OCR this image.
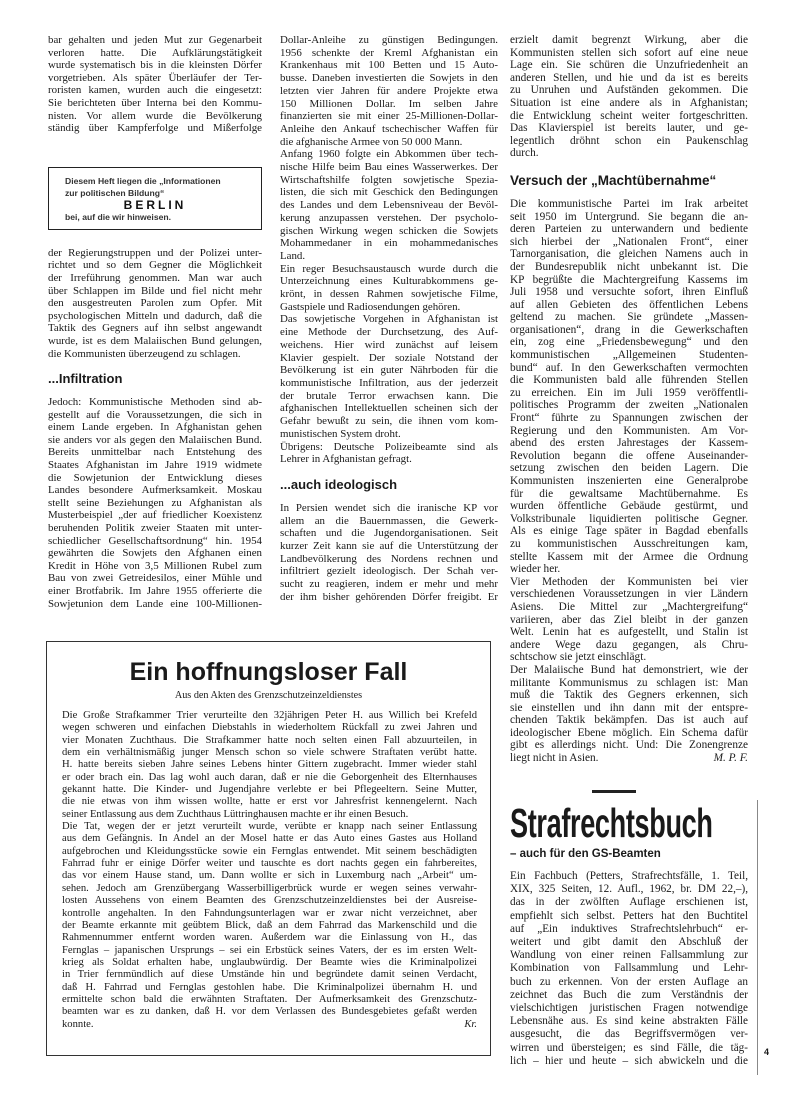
bar gehalten und jeden Mut zur Gegenarbeit
verloren hatte. Die Aufklärungstätigkeit
wurde systematisch bis in die kleinsten Dörfer
vorgetrieben. Als später Überläufer der Ter-
roristen kamen, wurden auch die eingesetzt:
Sie berichteten über Interna bei den Kommu-
nisten. Vor allem wurde die Bevölkerung
ständig über Kampferfolge und Mißerfolge
Diesem Heft liegen die „Informationen
zur politischen Bildung“
BERLIN
bei, auf die wir hinweisen.
der Regierungstruppen und der Polizei unter-
richtet und so dem Gegner die Möglichkeit
der Irreführung genommen. Man war auch
über Schlappen im Bilde und fiel nicht mehr
den ausgestreuten Parolen zum Opfer. Mit
psychologischen Mitteln und dadurch, daß die
Taktik des Gegners auf ihn selbst angewandt
wurde, ist es dem Malaiischen Bund gelungen,
die Kommunisten überzeugend zu schlagen.
...Infiltration
Jedoch: Kommunistische Methoden sind ab-
gestellt auf die Voraussetzungen, die sich in
einem Lande ergeben. In Afghanistan gehen
sie anders vor als gegen den Malaiischen Bund.
Bereits unmittelbar nach Entstehung des
Staates Afghanistan im Jahre 1919 widmete
die Sowjetunion der Entwicklung dieses
Landes besondere Aufmerksamkeit. Moskau
stellt seine Beziehungen zu Afghanistan als
Musterbeispiel „der auf friedlicher Koexistenz
beruhenden Politik zweier Staaten mit unter-
schiedlicher Gesellschaftsordnung“ hin. 1954
gewährten die Sowjets den Afghanen einen
Kredit in Höhe von 3,5 Millionen Rubel zum
Bau von zwei Getreidesilos, einer Mühle und
einer Brotfabrik. Im Jahre 1955 offerierte die
Sowjetunion dem Lande eine 100-Millionen-
Dollar-Anleihe zu günstigen Bedingungen.
1956 schenkte der Kreml Afghanistan ein
Krankenhaus mit 100 Betten und 15 Auto-
busse. Daneben investierten die Sowjets in den
letzten vier Jahren für andere Projekte etwa
150 Millionen Dollar. Im selben Jahre
finanzierten sie mit einer 25-Millionen-Dollar-
Anleihe den Ankauf tschechischer Waffen für
die afghanische Armee von 50 000 Mann.
Anfang 1960 folgte ein Abkommen über tech-
nische Hilfe beim Bau eines Wasserwerkes. Der
Wirtschaftshilfe folgten sowjetische Spezia-
listen, die sich mit Geschick den Bedingungen
des Landes und dem Lebensniveau der Bevöl-
kerung anzupassen verstehen. Der psycholo-
gischen Wirkung wegen schicken die Sowjets
Mohammedaner in ein mohammedanisches
Land.
Ein reger Besuchsaustausch wurde durch die
Unterzeichnung eines Kulturabkommens ge-
krönt, in dessen Rahmen sowjetische Filme,
Gastspiele und Radiosendungen gehören.
Das sowjetische Vorgehen in Afghanistan ist
eine Methode der Durchsetzung, des Auf-
weichens. Hier wird zunächst auf leisem
Klavier gespielt. Der soziale Notstand der
Bevölkerung ist ein guter Nährboden für die
kommunistische Infiltration, aus der jederzeit
der brutale Terror erwachsen kann. Die
afghanischen Intellektuellen scheinen sich der
Gefahr bewußt zu sein, die ihnen vom kom-
munistischen System droht.
Übrigens: Deutsche Polizeibeamte sind als
Lehrer in Afghanistan gefragt.
...auch ideologisch
In Persien wendet sich die iranische KP vor
allem an die Bauernmassen, die Gewerk-
schaften und die Jugendorganisationen. Seit
kurzer Zeit kann sie auf die Unterstützung der
Landbevölkerung des Nordens rechnen und
infiltriert gezielt ideologisch. Der Schah ver-
sucht zu reagieren, indem er mehr und mehr
der ihm bisher gehörenden Dörfer freigibt. Er
erzielt damit begrenzt Wirkung, aber die
Kommunisten stellen sich sofort auf eine neue
Lage ein. Sie schüren die Unzufriedenheit an
anderen Stellen, und hie und da ist es bereits
zu Unruhen und Aufständen gekommen. Die
Situation ist eine andere als in Afghanistan;
die Entwicklung scheint weiter fortgeschritten.
Das Klavierspiel ist bereits lauter, und ge-
legentlich dröhnt schon ein Paukenschlag
durch.
Versuch der „Machtübernahme“
Die kommunistische Partei im Irak arbeitet
seit 1950 im Untergrund. Sie begann die an-
deren Parteien zu unterwandern und bediente
sich hierbei der „Nationalen Front“, einer
Tarnorganisation, die gleichen Namens auch in
der Bundesrepublik nicht unbekannt ist. Die
KP begrüßte die Machtergreifung Kassems im
Juli 1958 und versuchte sofort, ihren Einfluß
auf allen Gebieten des öffentlichen Lebens
geltend zu machen. Sie gründete „Massen-
organisationen“, drang in die Gewerkschaften
ein, zog eine „Friedensbewegung“ und den
kommunistischen „Allgemeinen Studenten-
bund“ auf. In den Gewerkschaften vermochten
die Kommunisten bald alle führenden Stellen
zu erreichen. Ein im Juli 1959 veröffentli-
politisches Programm der zweiten „Nationalen
Front“ führte zu Spannungen zwischen der
Regierung und den Kommunisten. Am Vor-
abend des ersten Jahrestages der Kassem-
Revolution begann die offene Auseinander-
setzung zwischen den beiden Lagern. Die
Kommunisten inszenierten eine Generalprobe
für die gewaltsame Machtübernahme. Es
wurden öffentliche Gebäude gestürmt, und
Volkstribunale liquidierten politische Gegner.
Als es einige Tage später in Bagdad ebenfalls
zu kommunistischen Ausschreitungen kam,
stellte Kassem mit der Armee die Ordnung
wieder her.
Vier Methoden der Kommunisten bei vier
verschiedenen Voraussetzungen in vier Ländern
Asiens. Die Mittel zur „Machtergreifung“
variieren, aber das Ziel bleibt in der ganzen
Welt. Lenin hat es aufgestellt, und Stalin ist
andere Wege dazu gegangen, als Chru-
schtschow sie jetzt einschlägt.
Der Malaiische Bund hat demonstriert, wie der
militante Kommunismus zu schlagen ist: Man
muß die Taktik des Gegners erkennen, sich
sie einstellen und ihn dann mit der entspre-
chenden Taktik bekämpfen. Das ist auch auf
ideologischer Ebene möglich. Ein Schema dafür
gibt es allerdings nicht. Und: Die Zonengrenze
liegt nicht in Asien.	M. P. F.
Ein hoffnungsloser Fall
Aus den Akten des Grenzschutzeinzeldienstes
Die Große Strafkammer Trier verurteilte den 32jährigen Peter H. aus Willich bei Krefeld
wegen schweren und einfachen Diebstahls in wiederholtem Rückfall zu zwei Jahren und
vier Monaten Zuchthaus. Die Strafkammer hatte noch selten einen Fall abzuurteilen, in
dem ein verhältnismäßig junger Mensch schon so viele schwere Straftaten verübt hatte.
H. hatte bereits sieben Jahre seines Lebens hinter Gittern zugebracht. Immer wieder stahl
er oder brach ein. Das lag wohl auch daran, daß er nie die Geborgenheit des Elternhauses
gekannt hatte. Die Kinder- und Jugendjahre verlebte er bei Pflegeeltern. Seine Mutter,
die nie etwas von ihm wissen wollte, hatte er erst vor Jahresfrist kennengelernt. Nach
seiner Entlassung aus dem Zuchthaus Lüttringhausen machte er ihr einen Besuch.
Die Tat, wegen der er jetzt verurteilt wurde, verübte er knapp nach seiner Entlassung
aus dem Gefängnis. In Andel an der Mosel hatte er das Auto eines Gastes aus Holland
aufgebrochen und Kleidungsstücke sowie ein Fernglas entwendet. Mit seinem beschädigten
Fahrrad fuhr er einige Dörfer weiter und tauschte es dort nachts gegen ein fahrbereites,
das vor einem Hause stand, um. Dann wollte er sich in Luxemburg nach „Arbeit“ um-
sehen. Jedoch am Grenzübergang Wasserbilligerbrück wurde er wegen seines verwahr-
losten Aussehens von einem Beamten des Grenzschutzeinzeldienstes bei der Ausreise-
kontrolle angehalten. In den Fahndungsunterlagen war er zwar nicht verzeichnet, aber
der Beamte erkannte mit geübtem Blick, daß an dem Fahrrad das Markenschild und die
Rahmennummer entfernt worden waren. Außerdem war die Einlassung von H., das
Fernglas – japanischen Ursprungs – sei ein Erbstück seines Vaters, der es im ersten Welt-
krieg als Soldat erhalten habe, unglaubwürdig. Der Beamte wies die Kriminalpolizei
in Trier fernmündlich auf diese Umstände hin und begründete damit seinen Verdacht,
daß H. Fahrrad und Fernglas gestohlen habe. Die Kriminalpolizei übernahm H. und
ermittelte schon bald die erwähnten Straftaten. Der Aufmerksamkeit des Grenzschutz-
beamten war es zu danken, daß H. vor dem Verlassen des Bundesgebietes gefaßt werden
konnte.	Kr.
Strafrechtsbuch
– auch für den GS-Beamten
Ein Fachbuch (Petters, Strafrechtsfälle, 1. Teil,
XIX, 325 Seiten, 12. Aufl., 1962, br. DM 22,–),
das in der zwölften Auflage erschienen ist,
empfiehlt sich selbst. Petters hat den Buchtitel
auf „Ein induktives Strafrechtslehrbuch“ er-
weitert und gibt damit den Abschluß der
Wandlung von einer reinen Fallsammlung zur
Kombination von Fallsammlung und Lehr-
buch zu erkennen. Von der ersten Auflage an
zeichnet das Buch die zum Verständnis der
vielschichtigen juristischen Fragen notwendige
Lebensnähe aus. Es sind keine abstrakten Fälle
ausgesucht, die das Begriffsvermögen ver-
wirren und übersteigen; es sind Fälle, die täg-
lich – hier und heute – sich abwickeln und die
4
